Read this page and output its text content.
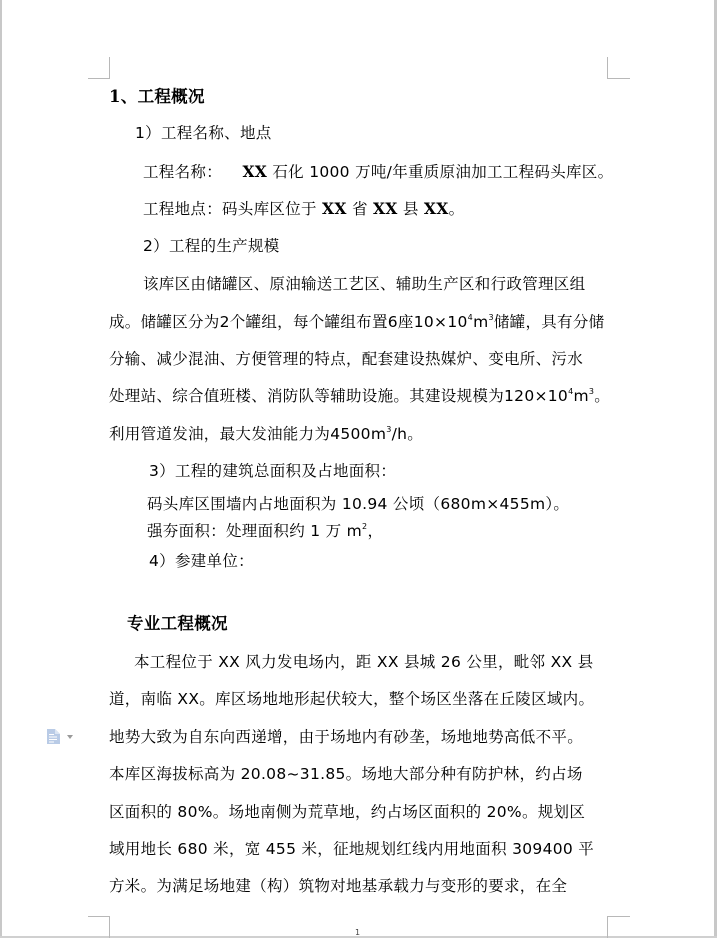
1、工程概况
1）工程名称、地点
工程名称： XX 石化 1000 万吨/年重质原油加工工程码头库区。
工程地点：码头库区位于 XX 省 XX 县 XX。
2）工程的生产规模
该库区由储罐区、原油输送工艺区、辅助生产区和行政管理区组
成。储罐区分为2个罐组，每个罐组布置6座$10\times 10^4m^3$储罐，具有分储
分输、减少混油、方便管理的特点，配套建设热媒炉、变电所、污水
处理站、综合值班楼、消防队等辅助设施。其建设规模为$120\times 10^4m^3$。
利用管道发油，最大发油能力为$4500m^3/h$。
3）工程的建筑总面积及占地面积：
码头库区围墙内占地面积为 10.94 公顷（680m×455m）。
强夯面积：处理面积约 1 万 $m^2$，
4）参建单位：
专业工程概况
本工程位于 XX 风力发电场内，距 XX 县城 26 公里，毗邻 XX 县
道，南临 XX。库区场地地形起伏较大，整个场区坐落在丘陵区域内。
地势大致为自东向西递增，由于场地内有砂垄，场地地势高低不平。
本库区海拔标高为 20.08~31.85。场地大部分种有防护林，约占场
区面积的 80%。场地南侧为荒草地，约占场区面积的 20%。规划区
域用地长 680 米，宽 455 米，征地规划红线内用地面积 309400 平
方米。为满足场地建（构）筑物对地基承载力与变形的要求，在全
1
